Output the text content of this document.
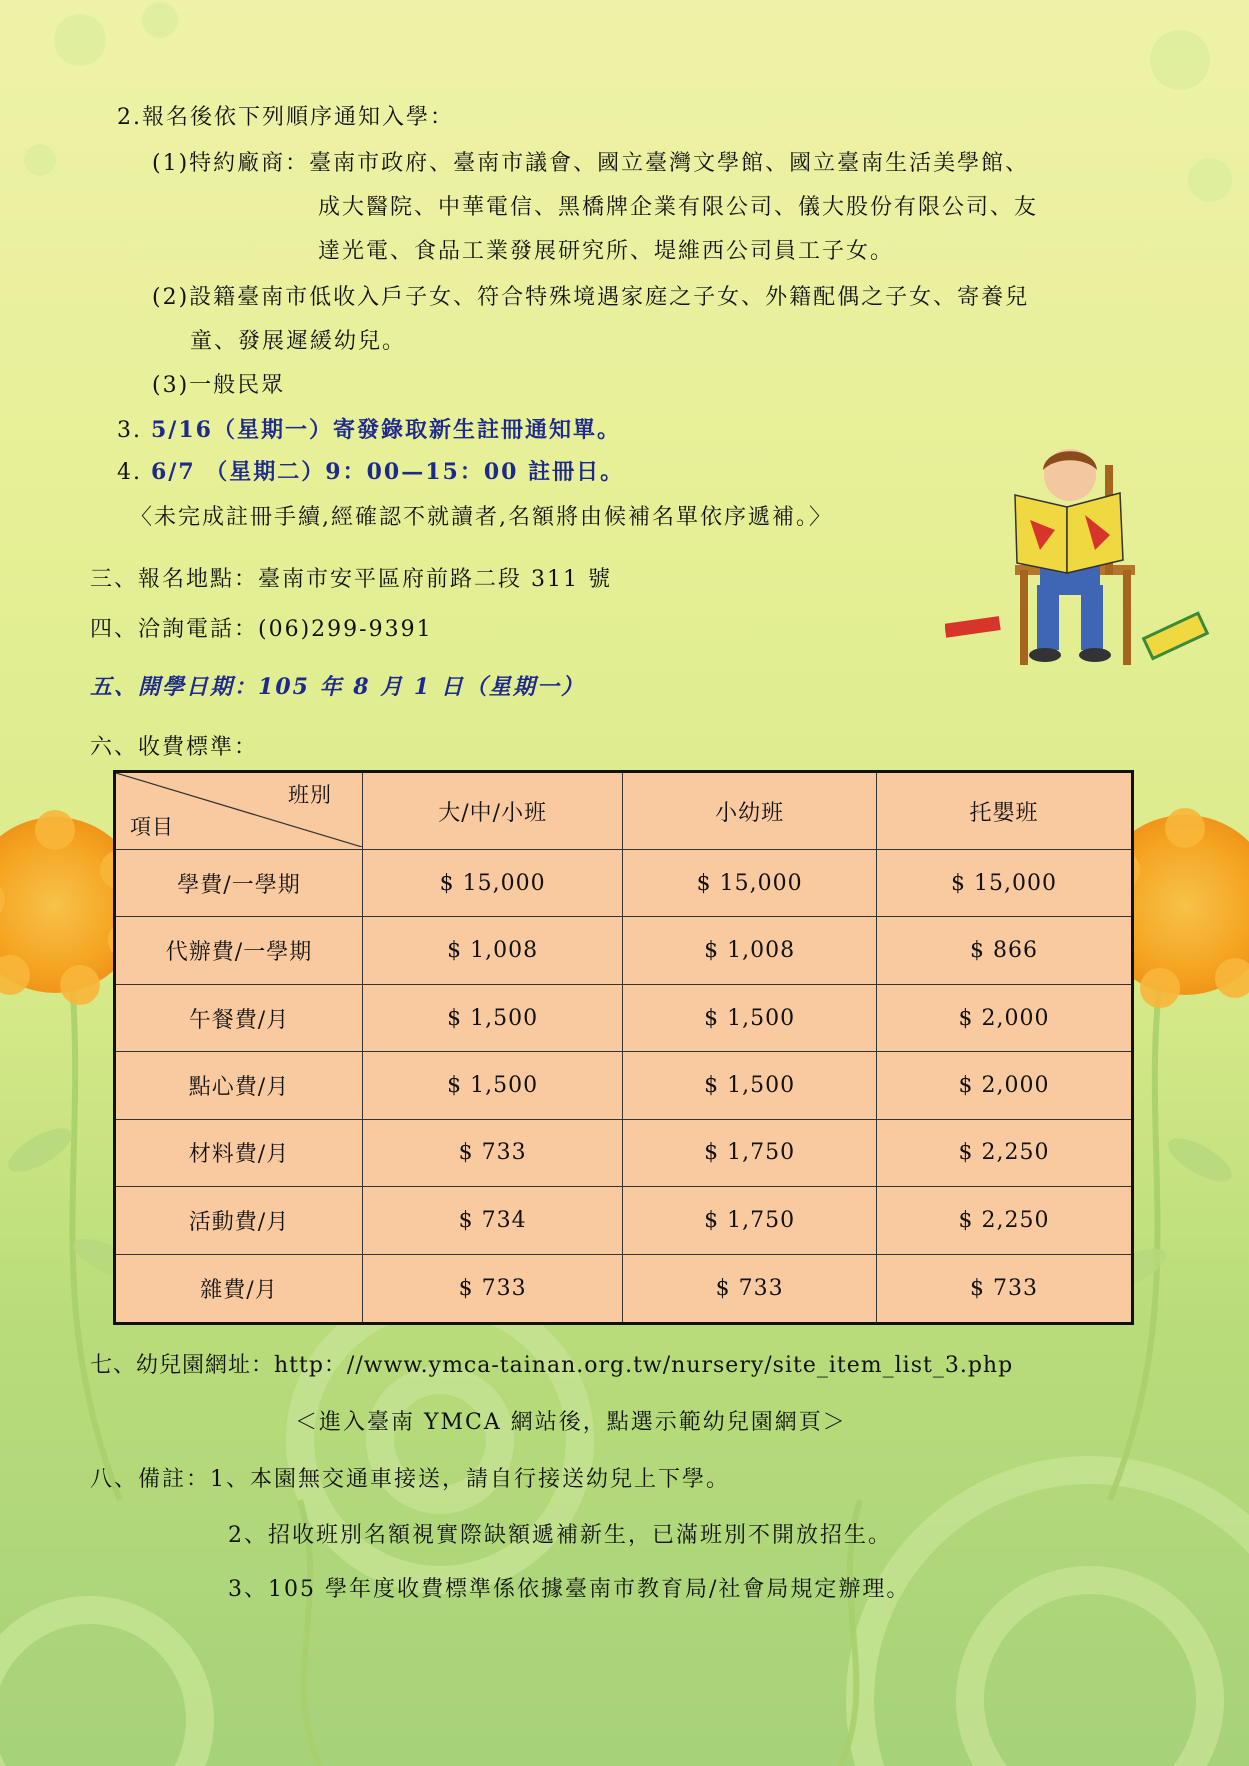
2.報名後依下列順序通知入學：
(1)特約廠商：臺南市政府、臺南市議會、國立臺灣文學館、國立臺南生活美學館、
成大醫院、中華電信、黑橋牌企業有限公司、儀大股份有限公司、友
達光電、食品工業發展研究所、堤維西公司員工子女。
(2)設籍臺南市低收入戶子女、符合特殊境遇家庭之子女、外籍配偶之子女、寄養兒
童、發展遲緩幼兒。
(3)一般民眾
3. 5/16（星期一）寄發錄取新生註冊通知單。
4. 6/7 （星期二）9：00—15：00 註冊日。
〈未完成註冊手續,經確認不就讀者,名額將由候補名單依序遞補。〉
三、報名地點：臺南市安平區府前路二段 311 號
四、洽詢電話：(06)299-9391
五、開學日期：105 年 8 月 1 日（星期一）
六、收費標準：
班別
項目	大/中/小班	小幼班	托嬰班
學費/一學期	$ 15,000	$ 15,000	$ 15,000
代辦費/一學期	$ 1,008	$ 1,008	$ 866
午餐費/月	$ 1,500	$ 1,500	$ 2,000
點心費/月	$ 1,500	$ 1,500	$ 2,000
材料費/月	$ 733	$ 1,750	$ 2,250
活動費/月	$ 734	$ 1,750	$ 2,250
雜費/月	$ 733	$ 733	$ 733
七、幼兒園網址：http：//www.ymca-tainan.org.tw/nursery/site_item_list_3.php
＜進入臺南 YMCA 網站後，點選示範幼兒園網頁＞
八、備註：1、本園無交通車接送，請自行接送幼兒上下學。
2、招收班別名額視實際缺額遞補新生，已滿班別不開放招生。
3、105 學年度收費標準係依據臺南市教育局/社會局規定辦理。
